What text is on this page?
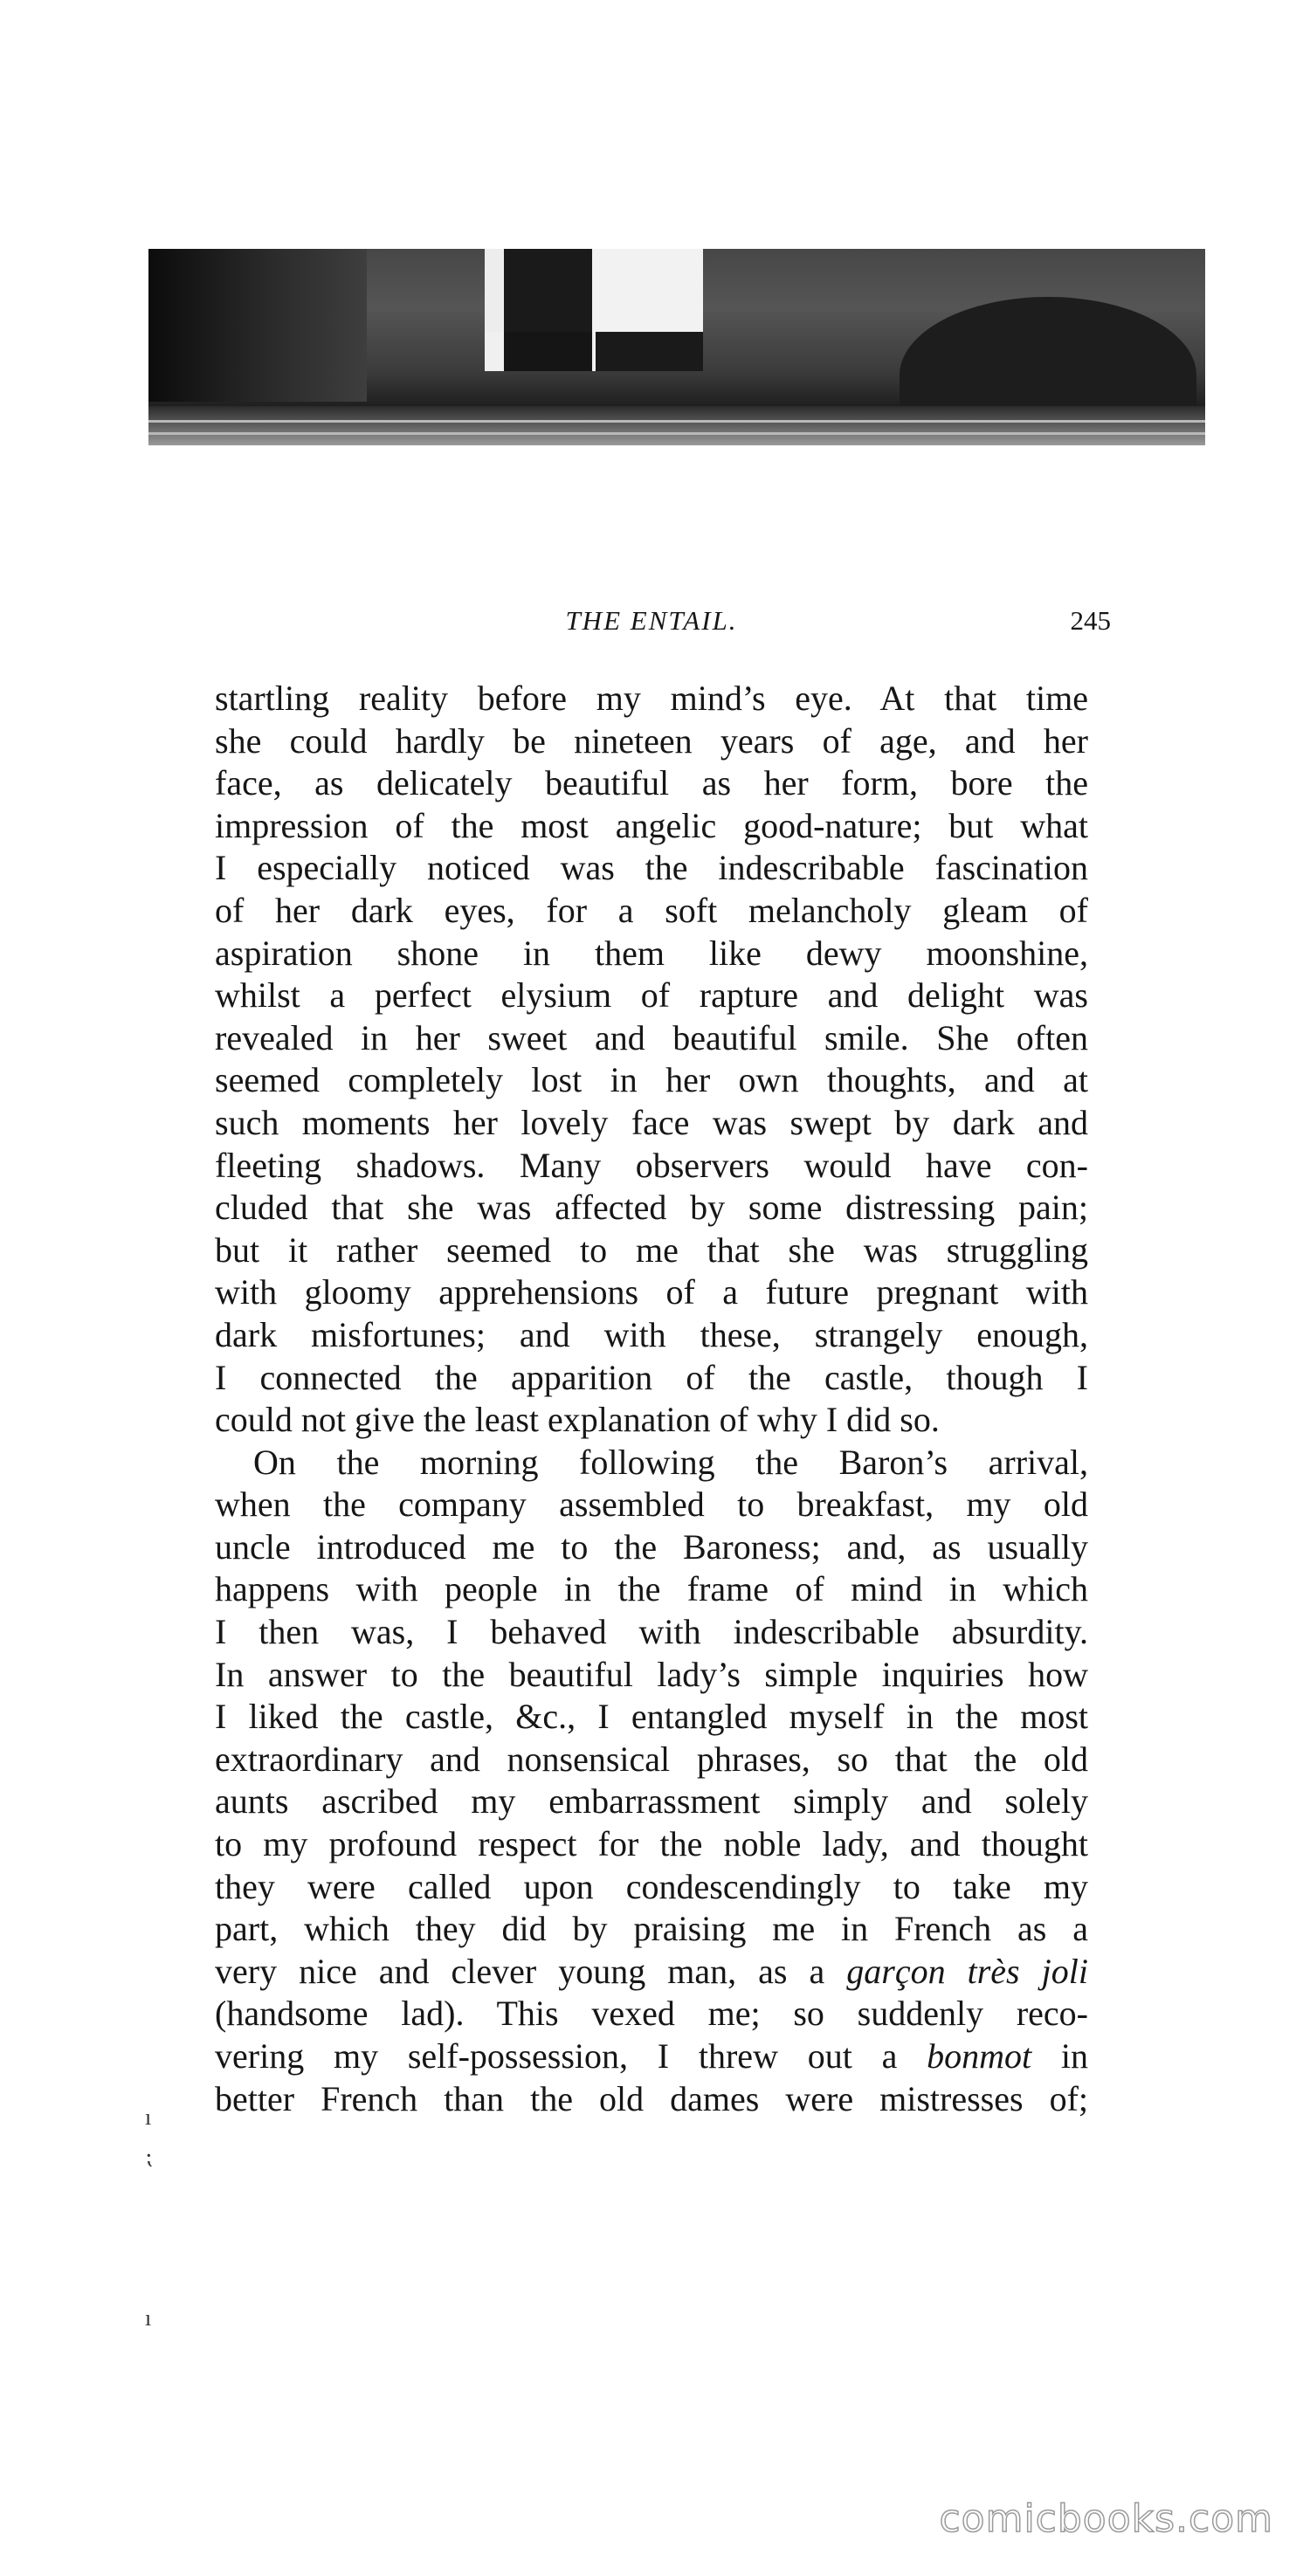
THE ENTAIL.	245
startling reality before my mind’s eye. At that time
she could hardly be nineteen years of age, and her
face, as delicately beautiful as her form, bore the
impression of the most angelic good-nature; but what
I especially noticed was the indescribable fascination
of her dark eyes, for a soft melancholy gleam of
aspiration shone in them like dewy moonshine,
whilst a perfect elysium of rapture and delight was
revealed in her sweet and beautiful smile. She often
seemed completely lost in her own thoughts, and at
such moments her lovely face was swept by dark and
fleeting shadows. Many observers would have con-
cluded that she was affected by some distressing pain;
but it rather seemed to me that she was struggling
with gloomy apprehensions of a future pregnant with
dark misfortunes; and with these, strangely enough,
I connected the apparition of the castle, though I
could not give the least explanation of why I did so.
On the morning following the Baron’s arrival,
when the company assembled to breakfast, my old
uncle introduced me to the Baroness; and, as usually
happens with people in the frame of mind in which
I then was, I behaved with indescribable absurdity.
In answer to the beautiful lady’s simple inquiries how
I liked the castle, &c., I entangled myself in the most
extraordinary and nonsensical phrases, so that the old
aunts ascribed my embarrassment simply and solely
to my profound respect for the noble lady, and thought
they were called upon condescendingly to take my
part, which they did by praising me in French as a
very nice and clever young man, as a garçon très joli
(handsome lad). This vexed me; so suddenly reco-
vering my self-possession, I threw out a bonmot in
better French than the old dames were mistresses of;
ı
⁏
ı
comicbooks.com
